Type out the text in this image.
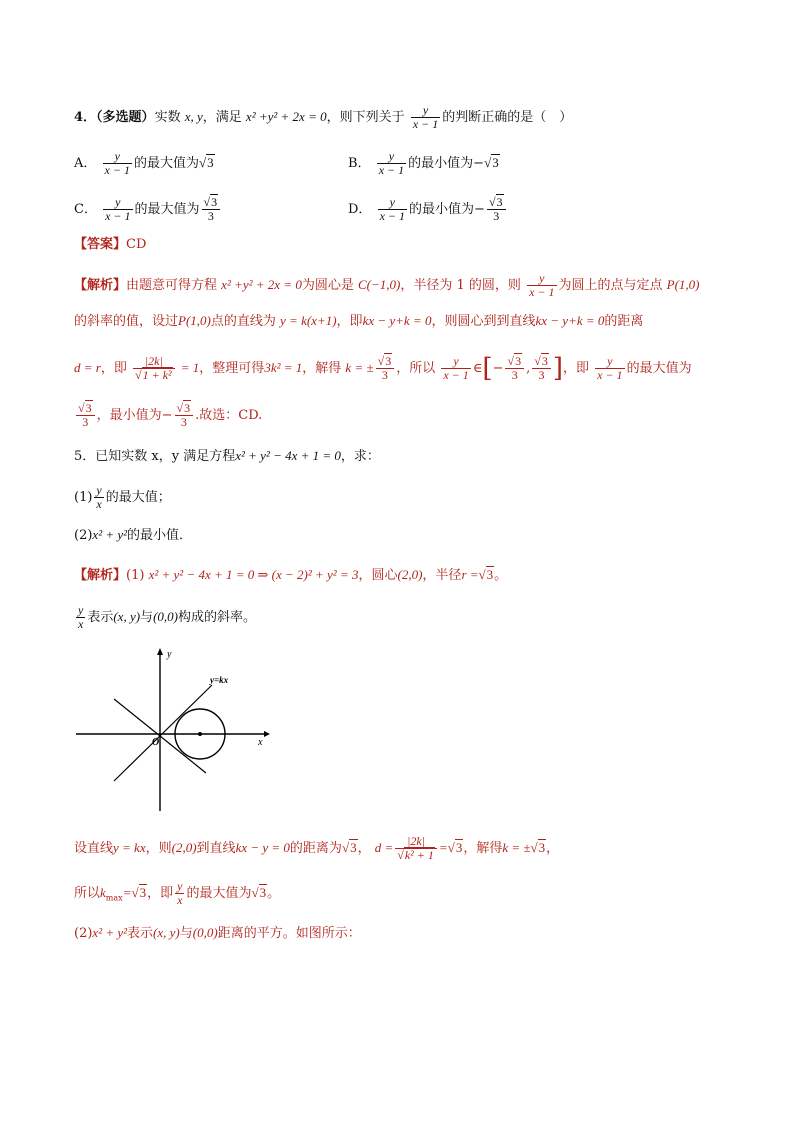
4．（多选题）实数 x, y，满足 x² +y² + 2x = 0，则下列关于 $\frac{y}{x - 1}$ 的判断正确的是（　）
A． $\frac{y}{x - 1}$ 的最大值为√3	B． $\frac{y}{x - 1}$ 的最小值为−√3
C． $\frac{y}{x - 1}$ 的最大值为 $\frac{√3}{3}$	D． $\frac{y}{x - 1}$ 的最小值为− $\frac{√3}{3}$
【答案】CD
【解析】由题意可得方程 x² +y² + 2x = 0为圆心是 C(−1,0)，半径为 1 的圆，则 $\frac{y}{x - 1}$ 为圆上的点与定点 P(1,0)
的斜率的值，设过P(1,0)点的直线为 y = k(x+1)，即kx − y+k = 0，则圆心到到直线kx − y+k = 0的距离
d = r，即 $\frac{|2k|}{\text{√1 + k²}} = 1$，整理可得3k² = 1，解得 k = ± $\frac{√3}{3}$ ，所以 $\frac{y}{x - 1}$ ∈[− $\frac{√3}{3}$ , $\frac{√3}{3}$ ]，即 $\frac{y}{x - 1}$ 的最大值为
$\frac{√3}{3}$ ，最小值为− $\frac{√3}{3}$ .故选：CD.
5．已知实数 x，y 满足方程x² + y² − 4x + 1 = 0，求：
$(1) \frac{y}{x}$ 的最大值；
(2)x² + y²的最小值．
【解析】(1) x² + y² − 4x + 1 = 0 ⇒ (x − 2)² + y² = 3，圆心(2,0)，半径r =√3。
$\frac{y}{x}$ 表示(x, y)与(0,0)构成的斜率。
y
x
O
y=kx
设直线y = kx，则(2,0)到直线kx − y = 0的距离为√3， $d = \frac{|2k|}{\text{√k² + 1}} =√3$，解得k = ±√3，
所以$k_{max}=√3$，即 $\frac{y}{x}$ 的最大值为√3。
(2)x² + y²表示(x, y)与(0,0)距离的平方。如图所示：
